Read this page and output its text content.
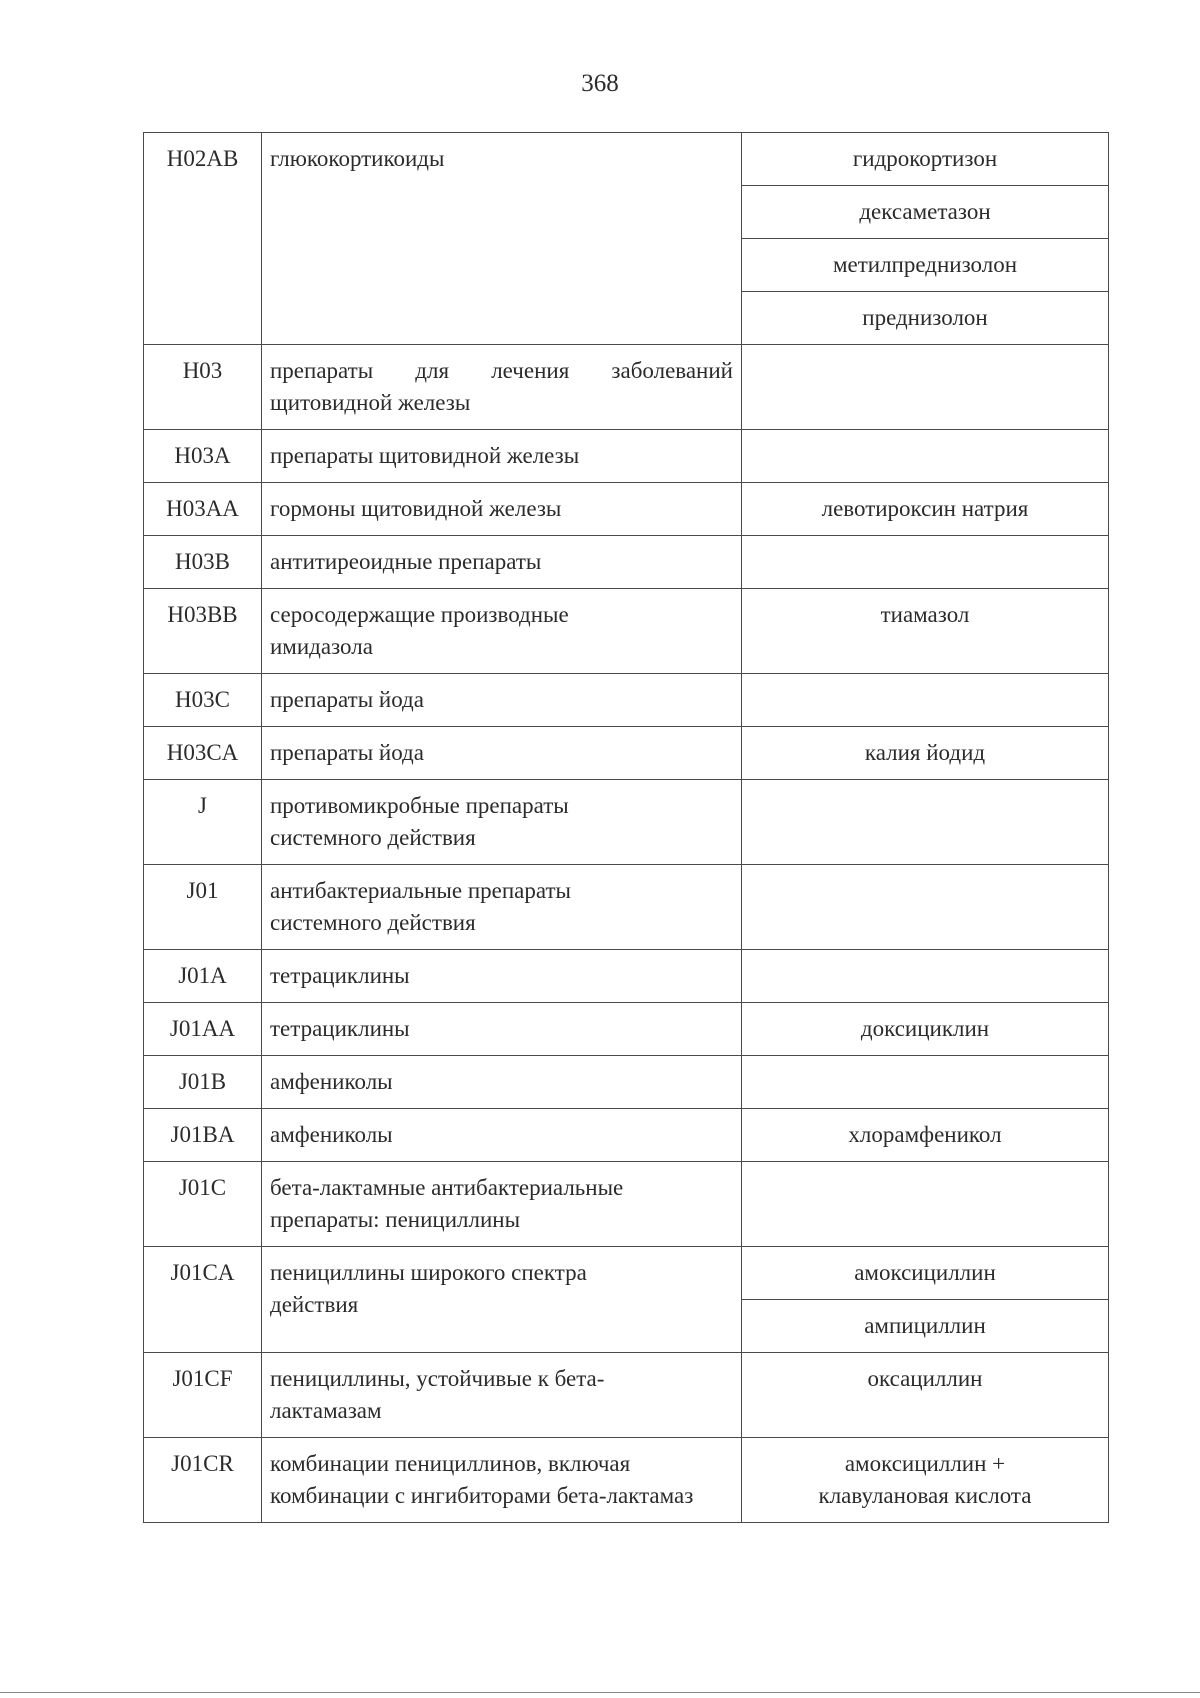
368
H02AB	глюкокортикоиды	гидрокортизон
дексаметазон
метилпреднизолон
преднизолон

H03	препараты для лечения заболеваний щитовидной железы	

H03A	препараты щитовидной железы	

H03AA	гормоны щитовидной железы	левотироксин натрия

H03B	антитиреоидные препараты	

H03BB	серосодержащие производные имидазола	тиамазол

H03C	препараты йода	

H03CA	препараты йода	калия йодид

J	противомикробные препараты системного действия	

J01	антибактериальные препараты системного действия	

J01A	тетрациклины	

J01AA	тетрациклины	доксициклин

J01B	амфениколы	

J01BA	амфениколы	хлорамфеникол

J01C	бета-лактамные антибактериальные препараты: пенициллины	

J01CA	пенициллины широкого спектра действия	амоксициллин
ампициллин

J01CF	пенициллины, устойчивые к бета-лактамазам	оксациллин

J01CR	комбинации пенициллинов, включая комбинации с ингибиторами бета-лактамаз	амоксициллин + клавулановая кислота
